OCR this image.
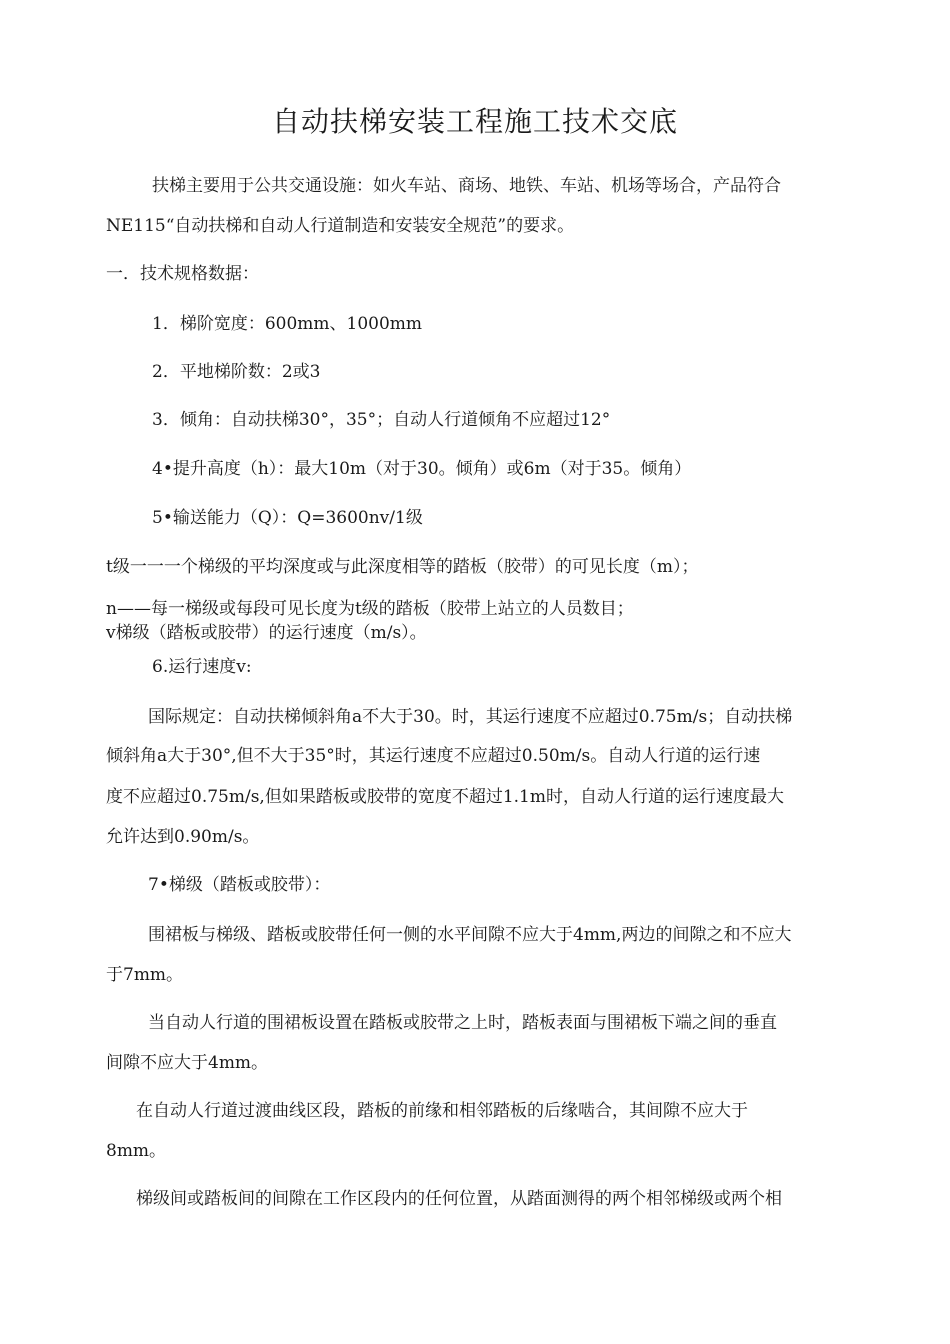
自动扶梯安装工程施工技术交底
扶梯主要用于公共交通设施：如火车站、商场、地铁、车站、机场等场合，产品符合
NE115“自动扶梯和自动人行道制造和安装安全规范”的要求。
一．技术规格数据：
1．梯阶宽度：600mm、1000mm
2．平地梯阶数：2或3
3．倾角：自动扶梯30°，35°；自动人行道倾角不应超过12°
4•提升高度（h）：最大10m（对于30。倾角）或6m（对于35。倾角）
5•输送能力（Q）：Q=3600nv/1级
t级一一一个梯级的平均深度或与此深度相等的踏板（胶带）的可见长度（m）；
n——每一梯级或每段可见长度为t级的踏板（胶带上站立的人员数目；
v梯级（踏板或胶带）的运行速度（m/s）。
6.运行速度v:
国际规定：自动扶梯倾斜角a不大于30。时，其运行速度不应超过0.75m/s；自动扶梯
倾斜角a大于30°,但不大于35°时，其运行速度不应超过0.50m/s。自动人行道的运行速
度不应超过0.75m/s,但如果踏板或胶带的宽度不超过1.1m时，自动人行道的运行速度最大
允许达到0.90m/s。
7•梯级（踏板或胶带）：
围裙板与梯级、踏板或胶带任何一侧的水平间隙不应大于4mm,两边的间隙之和不应大
于7mm。
当自动人行道的围裙板设置在踏板或胶带之上时，踏板表面与围裙板下端之间的垂直
间隙不应大于4mm。
在自动人行道过渡曲线区段，踏板的前缘和相邻踏板的后缘啮合，其间隙不应大于
8mm。
梯级间或踏板间的间隙在工作区段内的任何位置，从踏面测得的两个相邻梯级或两个相
